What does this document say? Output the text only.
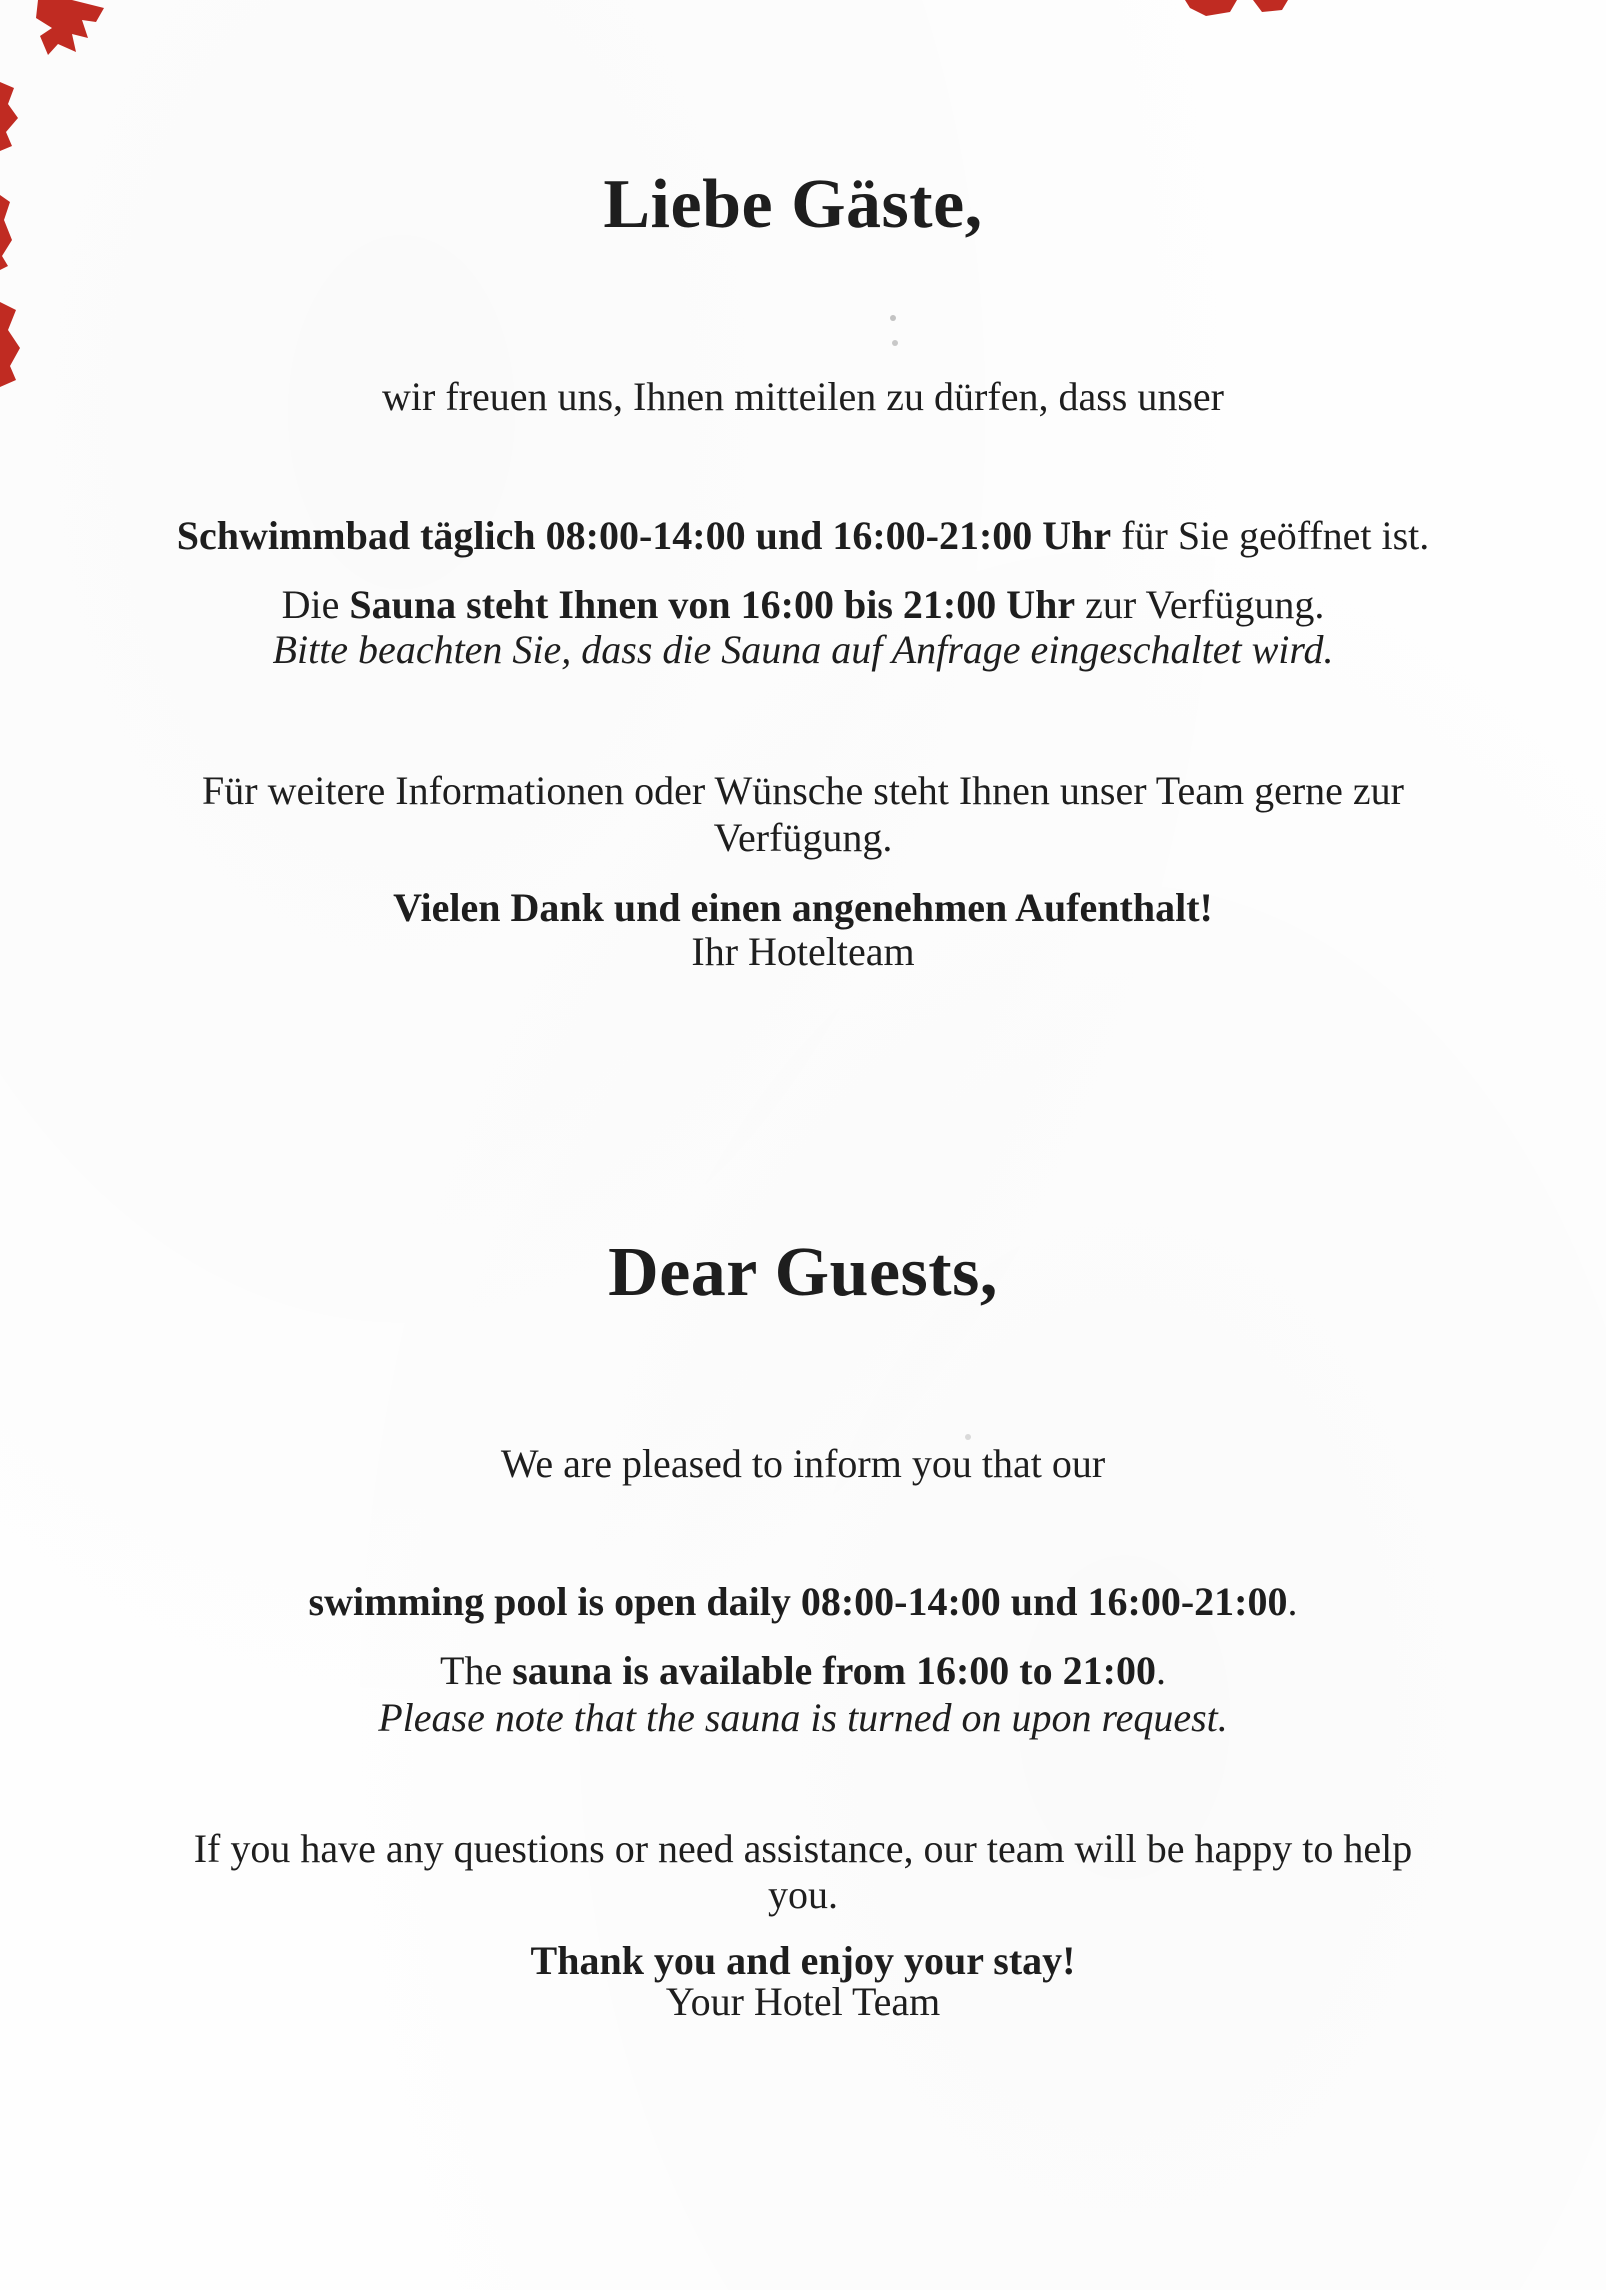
Liebe Gäste,
wir freuen uns, Ihnen mitteilen zu dürfen, dass unser
Schwimmbad täglich 08:00-14:00 und 16:00-21:00 Uhr für Sie geöffnet ist.
Die Sauna steht Ihnen von 16:00 bis 21:00 Uhr zur Verfügung.
Bitte beachten Sie, dass die Sauna auf Anfrage eingeschaltet wird.
Für weitere Informationen oder Wünsche steht Ihnen unser Team gerne zur
Verfügung.
Vielen Dank und einen angenehmen Aufenthalt!
Ihr Hotelteam
Dear Guests,
We are pleased to inform you that our
swimming pool is open daily 08:00-14:00 und 16:00-21:00.
The sauna is available from 16:00 to 21:00.
Please note that the sauna is turned on upon request.
If you have any questions or need assistance, our team will be happy to help
you.
Thank you and enjoy your stay!
Your Hotel Team
